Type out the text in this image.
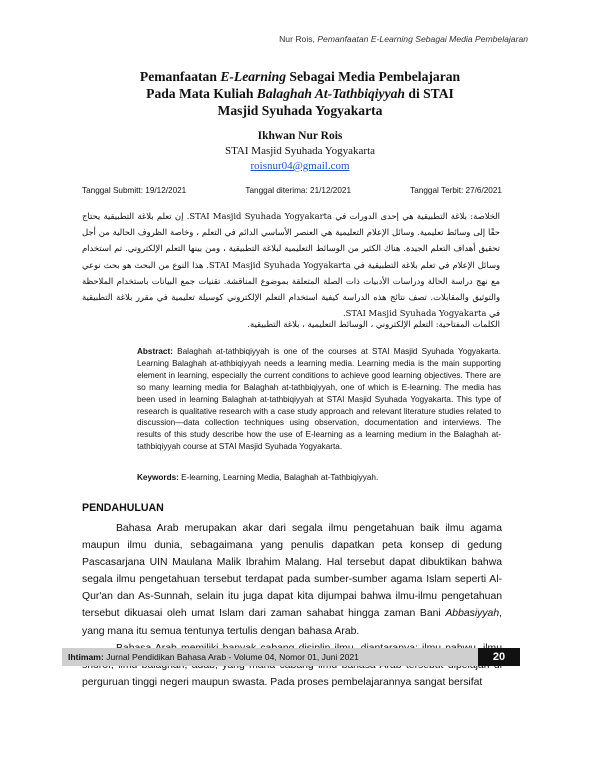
Nur Rois, Pemanfaatan E-Learning Sebagai Media Pembelajaran
Pemanfaatan E-Learning Sebagai Media Pembelajaran
Pada Mata Kuliah Balaghah At-Tathbiqiyyah di STAI
Masjid Syuhada Yogyakarta
Ikhwan Nur Rois
STAI Masjid Syuhada Yogyakarta
roisnur04@gmail.com
Tanggal Submitt: 19/12/2021	Tanggal diterima: 21/12/2021	Tanggal Terbit: 27/6/2021
الخلاصة: بلاغة التطبيقية هي إحدى الدورات في STAI Masjid Syuhada Yogyakarta. إن تعلم بلاغة التطبيقية يحتاج حقًا إلى وسائط تعليمية. وسائل الإعلام التعليمية هي العنصر الأساسي الدائم في التعلم ، وخاصة الظروف الحالية من أجل تحقيق أهداف التعلم الجيدة. هناك الكثير من الوسائط التعليمية لبلاغة التطبيقية ، ومن بينها التعلم الإلكتروني. تم استخدام وسائل الإعلام في تعلم بلاغة التطبيقية في STAI Masjid Syuhada Yogyakarta. هذا النوع من البحث هو بحث نوعي مع نهج دراسة الحالة ودراسات الأدبيات ذات الصلة المتعلقة بموضوع المناقشة. تقنيات جمع البيانات باستخدام الملاحظة والتوثيق والمقابلات. تصف نتائج هذه الدراسة كيفية استخدام التعلم الإلكتروني كوسيلة تعليمية في مقرر بلاغة التطبيقية في STAI Masjid Syuhada Yogyakarta.
الكلمات المفتاحية: التعلم الإلكتروني ، الوسائط التعليمية ، بلاغة التطبيقية.
Abstract: Balaghah at-tathbiqiyyah is one of the courses at STAI Masjid Syuhada Yogyakarta. Learning Balaghah at-athbiqiyyah needs a learning media. Learning media is the main supporting element in learning, especially the current conditions to achieve good learning objectives. There are so many learning media for Balaghah at-tathbiqiyyah, one of which is E-learning. The media has been used in learning Balaghah at-tathbiqiyyah at STAI Masjid Syuhada Yogyakarta. This type of research is qualitative research with a case study approach and relevant literature studies related to discussion—data collection techniques using observation, documentation and interviews. The results of this study describe how the use of E-learning as a learning medium in the Balaghah at-tathbiqiyyah course at STAI Masjid Syuhada Yogyakarta.
Keywords: E-learning, Learning Media, Balaghah at-Tathbiqiyyah.
PENDAHULUAN

Bahasa Arab merupakan akar dari segala ilmu pengetahuan baik ilmu agama maupun ilmu dunia, sebagaimana yang penulis dapatkan peta konsep di gedung Pascasarjana UIN Maulana Malik Ibrahim Malang. Hal tersebut dapat dibuktikan bahwa segala ilmu pengetahuan tersebut terdapat pada sumber-sumber agama Islam seperti Al-Qur'an dan As-Sunnah, selain itu juga dapat kita dijumpai bahwa ilmu-ilmu pengetahuan tersebut dikuasai oleh umat Islam dari zaman sahabat hingga zaman Bani Abbasiyyah, yang mana itu semua tentunya tertulis dengan bahasa Arab.

perguruan tinggi negeri maupun swasta. Pada proses pembelajarannya sangat bersifat

Ihtimam: Jurnal Pendidikan Bahasa Arab - Volume 04, Nomor 01, Juni 2021	20
